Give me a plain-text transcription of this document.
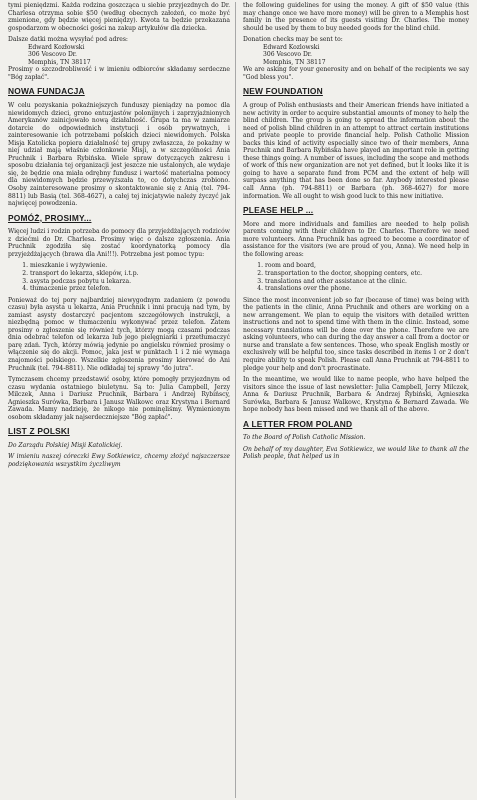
tymi pieniędzmi. Każda rodzina goszcząca u siebie przyjezdnych do Dr. Charlesa otrzyma sobie $50 (według obecnych założeń, co może być zmienione, gdy będzie więcej pieniędzy). Kwota ta będzie przekazana gospodarzom w obecności gości na zakup artykułów dla dziecka.

Dalsze datki można wysyłać pod adres:

Edward Kozłowski
306 Vescovo Dr.
Memphis, TN 38117

Prosimy o szczodrobliwość i w imieniu odbiorców składamy serdeczne "Bóg zapłać".

NOWA FUNDACJA

W celu pozyskania pokaźniejszych funduszy pieniądzy na pomoc dla niewidomych dzieci, grono entuzjastów polonijnych i zaprzyjaźnionych Amerykanów zainicjowało nową działalność. Grupa ta ma w zamiarze dotarcie do odpowiednich instytucji i osób prywatnych, i zainteresowanie ich potrzebami polskich dzieci niewidomych. Polska Misja Katolicka popiera działalność tej grupy zwłaszcza, że pokaźny w niej udział mają właśnie członkowie Misji, a w szczególności Ania Pruchnik i Barbara Rybińska. Wiele spraw dotyczących zakresu i sposobu działania tej organizacji jest jeszcze nie ustalonych, ale wydaje się, że będzie ona miała odrębny fundusz i wartość materialna pomocy dla niewidomych będzie przewyższała to, co dotychczas zrobiono. Osoby zainteresowane prosimy o skontaktowanie się z Anią (tel. 794-8811) lub Basią (tel. 368-4627), a całej tej inicjatywie należy życzyć jak najwięcej powodzenia.

POMÓŻ, PROSIMY...

Więcej ludzi i rodzin potrzeba do pomocy dla przyjeżdżających rodziców z dziećmi do Dr. Charlesa. Prosimy więc o dalsze zgłoszenia. Ania Pruchnik zgodziła się zostać koordynatorką pomocy dla przyjeżdżających (brawa dla Ani!!!). Potrzebna jest pomoc typu:

1. mieszkanie i wyżywienie.
2. transport do lekarza, sklepów, i.t.p.
3. asysta podczas pobytu u lekarza.
4. tłumaczenie przez telefon.

Ponieważ do tej pory najbardziej niewygodnym zadaniem (z powodu czasu) była asysta u lekarza, Ania Pruchnik i inni pracują nad tym, by zamiast asysty dostarczyć pacjentom szczegółowych instrukcji, a niezbędną pomoc w tłumaczeniu wykonywać przez telefon. Zatem prosimy o zgłoszenie się również tych, którzy mogą czasami podczas dnia odebrać telefon od lekarza lub jego pielęgniarki i przetłumaczyć parę zdań. Tych, którzy mówią jedynie po angielsku również prosimy o włączenie się do akcji. Pomoc, jaka jest w punktach 1 i 2 nie wymaga znajomości polskiego. Wszelkie zgłoszenia prosimy kierować do Ani Pruchnik (tel. 794-8811). Nie odkładaj tej sprawy "do jutra".

Tymczasem chcemy przedstawić osoby, które pomogły przyjezdnym od czasu wydania ostatniego biuletynu. Są to: Julia Campbell, Jerzy Milczek, Anna i Dariusz Pruchnik, Barbara i Andrzej Rybińscy, Agnieszka Surówka, Barbara i Janusz Walkowc oraz Krystyna i Bernard Zawada. Mamy nadzieję, że nikogo nie pominęliśmy. Wymienionym osobom składamy jak najserdeczniejsze "Bóg zapłać".

LIST Z POLSKI

Do Zarządu Polskiej Misji Katolickiej.

W imieniu naszej córeczki Ewy Sotkiewicz, chcemy złożyć najszczersze podziękowania wszystkim życzliwym

the following guidelines for using the money. A gift of $50 value (this may change once we have more money) will be given to a Memphis host family in the presence of its guests visiting Dr. Charles. The money should be used by them to buy needed goods for the blind child.

Donation checks may be sent to:

Edward Kozlowski
306 Vescovo Dr.
Memphis, TN 38117

We are asking for your generosity and on behalf of the recipients we say "God bless you".

NEW FOUNDATION

A group of Polish enthusiasts and their American friends have initiated a new activity in order to acquire substantial amounts of money to help the blind children. The group is going to spread the information about the need of polish blind children in an attempt to attract certain institutions and private people to provide financial help. Polish Catholic Mission backs this kind of activity especially since two of their members, Anna Pruchnik and Barbara Rybińska have played an important role in getting these things going. A number of issues, including the scope and methods of work of this new organization are not yet defined, but it looks like it is going to have a separate fund from PCM and the extent of help will surpass anything that has been done so far. Anybody interested please call Anna (ph. 794-8811) or Barbara (ph. 368-4627) for more information. We all ought to wish good luck to this new initiative.

PLEASE HELP ...

More and more individuals and families are needed to help polish parents coming with their children to Dr. Charles. Therefore we need more volunteers. Anna Pruchnik has agreed to become a coordinator of assistance for the visitors (we are proud of you, Anna). We need help in the following areas:

1. room and board,
2. transportation to the doctor, shopping centers, etc.
3. translations and other assistance at the clinic.
4. translations over the phone.

Since the most inconvenient job so far (because of time) was being with the patients in the clinic, Anna Pruchnik and others are working on a new arrangement. We plan to equip the visitors with detailed written instructions and not to spend time with them in the clinic. Instead, some necessary translations will be done over the phone. Therefore we are asking volunteers, who can during the day answer a call from a doctor or nurse and translate a few sentences. Those, who speak English mostly or exclusively will be helpful too, since tasks described in items 1 or 2 don't require ability to speak Polish. Please call Anna Pruchnik at 794-8811 to pledge your help and don't procrastinate.

In the meantime, we would like to name people, who have helped the visitors since the issue of last newsletter: Julia Campbell, Jerry Milczek, Anna & Dariusz Pruchnik, Barbara & Andrzej Rybiński, Agnieszka Surówka, Barbara & Janusz Walkowc, Krystyna & Bernard Zawada. We hope nobody has been missed and we thank all of the above.

A LETTER FROM POLAND

To the Board of Polish Catholic Mission.

On behalf of my daughter, Eva Sotkiewicz, we would like to thank all the Polish people, that helped us in
